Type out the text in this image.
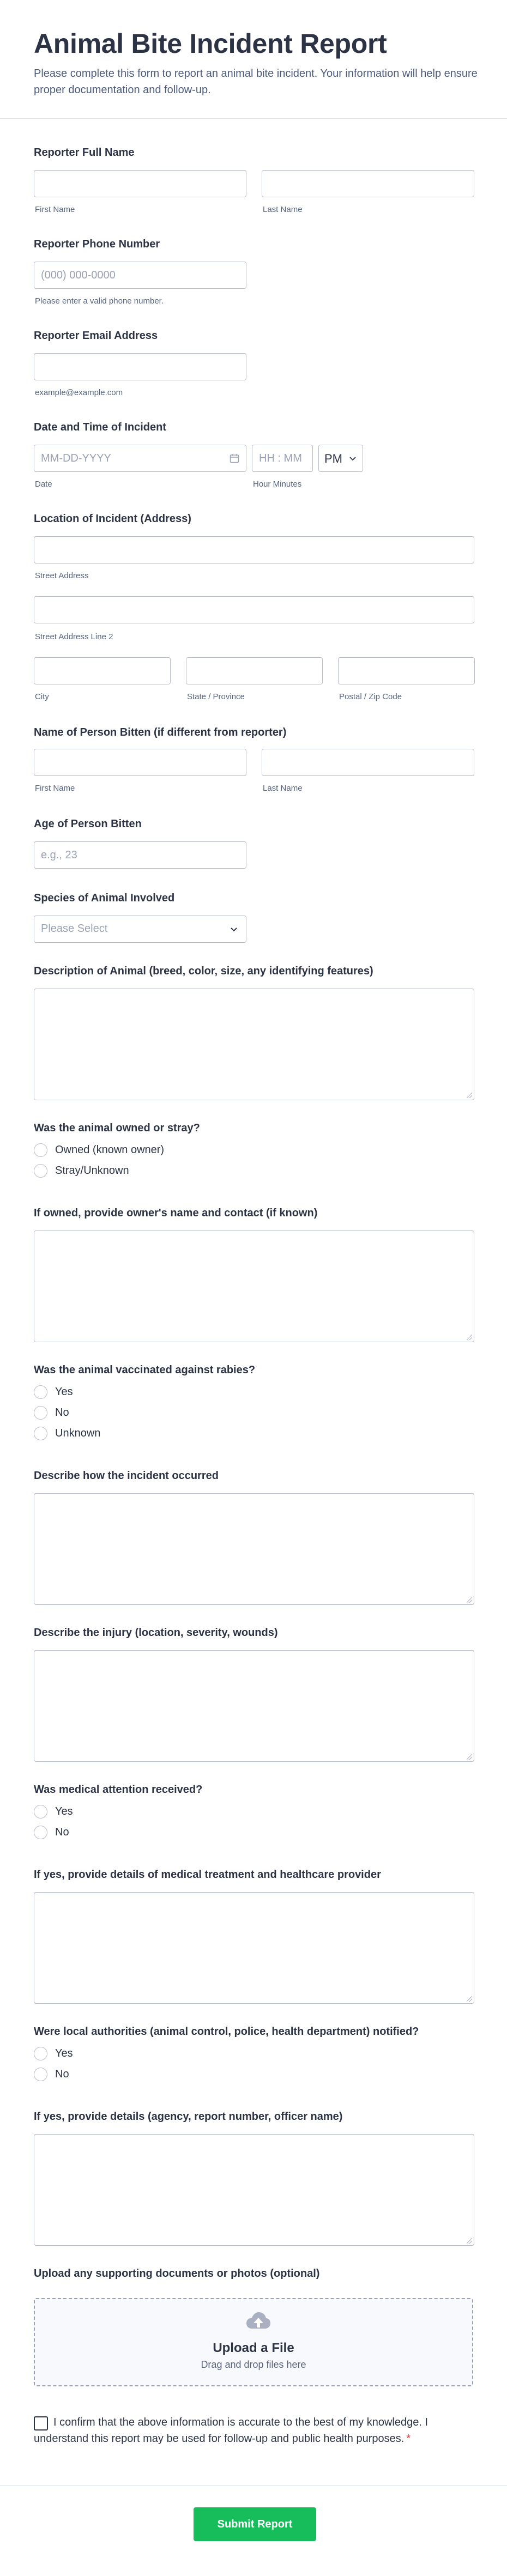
Animal Bite Incident Report

Please complete this form to report an animal bite incident. Your information will help ensure proper documentation and follow-up.

Reporter Full Name
First Name	Last Name
Reporter Phone Number
(000) 000-0000
Please enter a valid phone number.
Reporter Email Address
example@example.com
Date and Time of Incident
MM-DD-YYYY	HH : MM	PM
Date	Hour Minutes
Location of Incident (Address)
Street Address
Street Address Line 2
City	State / Province	Postal / Zip Code
Name of Person Bitten (if different from reporter)
First Name	Last Name
Age of Person Bitten
e.g., 23
Species of Animal Involved
Please Select
Description of Animal (breed, color, size, any identifying features)
Was the animal owned or stray?
Owned (known owner)
Stray/Unknown
If owned, provide owner's name and contact (if known)
Was the animal vaccinated against rabies?
Yes
No
Unknown
Describe how the incident occurred
Describe the injury (location, severity, wounds)
Was medical attention received?
Yes
No
If yes, provide details of medical treatment and healthcare provider
Were local authorities (animal control, police, health department) notified?
Yes
No
If yes, provide details (agency, report number, officer name)
Upload any supporting documents or photos (optional)
Upload a File
Drag and drop files here
I confirm that the above information is accurate to the best of my knowledge. I understand this report may be used for follow-up and public health purposes. *
Submit Report
